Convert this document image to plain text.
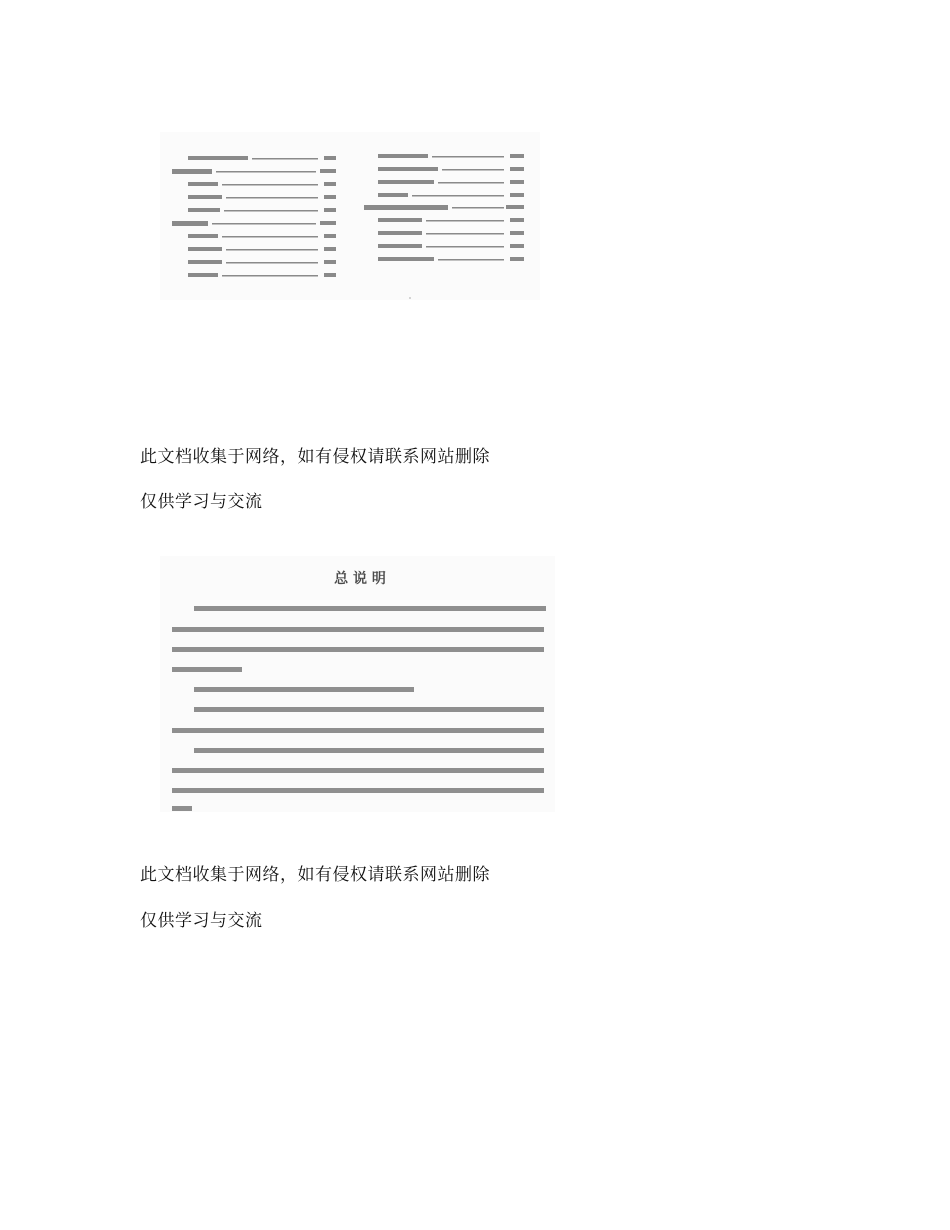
此文档收集于网络，如有侵权请联系网站删除
仅供学习与交流
总 说 明
此文档收集于网络，如有侵权请联系网站删除
仅供学习与交流
